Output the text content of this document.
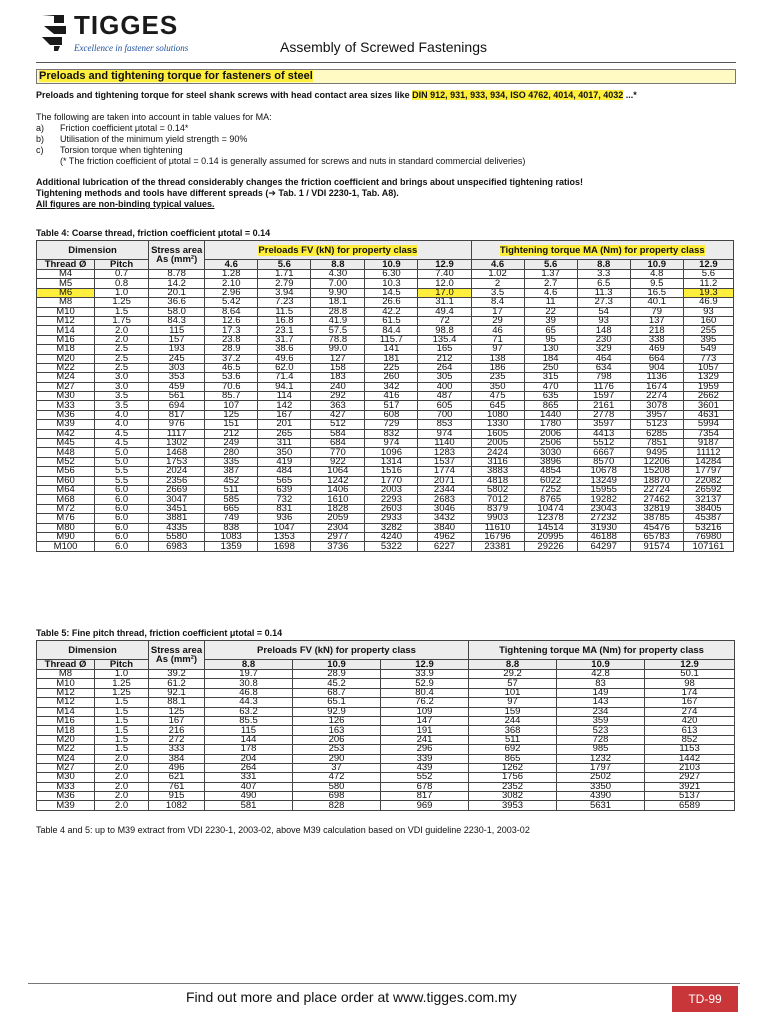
TIGGES
Excellence in fastener solutions	Assembly of Screwed Fastenings
Preloads and tightening torque for fasteners of steel
Preloads and tightening torque for steel shank screws with head contact area sizes like DIN 912, 931, 933, 934, ISO 4762, 4014, 4017, 4032 ...*
The following are taken into account in table values for MA:
a)	Friction coefficient μtotal = 0.14*
b)	Utilisation of the minimum yield strength = 90%
c)	Torsion torque when tightening
(* The friction coefficient of μtotal = 0.14 is generally assumed for screws and nuts in standard commercial deliveries)
Additional lubrication of the thread considerably changes the friction coefficient and brings about unspecified tightening ratios!
Tightening methods and tools have different spreads (➔ Tab. 1 / VDI 2230-1, Tab. A8).
All figures are non-binding typical values.
Table 4: Coarse thread, friction coefficient μtotal = 0.14
Dimension		Stress area As (mm²)	Preloads FV (kN) for property class					Tightening torque MA (Nm) for property class				
Thread Ø	Pitch		4.6	5.6	8.8	10.9	12.9	4.6	5.6	8.8	10.9	12.9
M4	0.7	8.78	1.28	1.71	4.30	6.30	7.40	1.02	1.37	3.3	4.8	5.6
M5	0.8	14.2	2.10	2.79	7.00	10.3	12.0	2	2.7	6.5	9.5	11.2
M6	1.0	20.1	2.96	3.94	9.90	14.5	17.0	3.5	4.6	11.3	16.5	19.3
M8	1.25	36.6	5.42	7.23	18.1	26.6	31.1	8.4	11	27.3	40.1	46.9
M10	1.5	58.0	8.64	11.5	28.8	42.2	49.4	17	22	54	79	93
M12	1.75	84.3	12.6	16.8	41.9	61.5	72	29	39	93	137	160
M14	2.0	115	17.3	23.1	57.5	84.4	98.8	46	65	148	218	255
M16	2.0	157	23.8	31.7	78.8	115.7	135.4	71	95	230	338	395
M18	2.5	193	28.9	38.6	99.0	141	165	97	130	329	469	549
M20	2.5	245	37.2	49.6	127	181	212	138	184	464	664	773
M22	2.5	303	46.5	62.0	158	225	264	186	250	634	904	1057
M24	3.0	353	53.6	71.4	183	260	305	235	315	798	1136	1329
M27	3.0	459	70.6	94.1	240	342	400	350	470	1176	1674	1959
M30	3.5	561	85.7	114	292	416	487	475	635	1597	2274	2662
M33	3.5	694	107	142	363	517	605	645	865	2161	3078	3601
M36	4.0	817	125	167	427	608	700	1080	1440	2778	3957	4631
M39	4.0	976	151	201	512	729	853	1330	1780	3597	5123	5994
M42	4.5	1117	212	265	584	832	974	1605	2006	4413	6285	7354
M45	4.5	1302	249	311	684	974	1140	2005	2506	5512	7851	9187
M48	5.0	1468	280	350	770	1096	1283	2424	3030	6667	9495	11112
M52	5.0	1753	335	419	922	1314	1537	3116	3896	8570	12206	14284
M56	5.5	2024	387	484	1064	1516	1774	3883	4854	10678	15208	17797
M60	5.5	2356	452	565	1242	1770	2071	4818	6022	13249	18870	22082
M64	6.0	2669	511	639	1406	2003	2344	5802	7252	15955	22724	26592
M68	6.0	3047	585	732	1610	2293	2683	7012	8765	19282	27462	32137
M72	6.0	3451	665	831	1828	2603	3046	8379	10474	23043	32819	38405
M76	6.0	3881	749	936	2059	2933	3432	9903	12378	27232	38785	45387
M80	6.0	4335	838	1047	2304	3282	3840	11610	14514	31930	45476	53216
M90	6.0	5580	1083	1353	2977	4240	4962	16796	20995	46188	65783	76980
M100	6.0	6983	1359	1698	3736	5322	6227	23381	29226	64297	91574	107161
Table 5: Fine pitch thread, friction coefficient μtotal = 0.14
Dimension		Stress area As (mm²)	Preloads FV (kN) for property class			Tightening torque MA (Nm) for property class		
Thread Ø	Pitch		8.8	10.9	12.9	8.8	10.9	12.9
M8	1.0	39.2	19.7	28.9	33.9	29.2	42.8	50.1
M10	1.25	61.2	30.8	45.2	52.9	57	83	98
M12	1.25	92.1	46.8	68.7	80.4	101	149	174
M12	1.5	88.1	44.3	65.1	76.2	97	143	167
M14	1.5	125	63.2	92.9	109	159	234	274
M16	1.5	167	85.5	126	147	244	359	420
M18	1.5	216	115	163	191	368	523	613
M20	1.5	272	144	206	241	511	728	852
M22	1.5	333	178	253	296	692	985	1153
M24	2.0	384	204	290	339	865	1232	1442
M27	2.0	496	264	37	439	1262	1797	2103
M30	2.0	621	331	472	552	1756	2502	2927
M33	2.0	761	407	580	678	2352	3350	3921
M36	2.0	915	490	698	817	3082	4390	5137
M39	2.0	1082	581	828	969	3953	5631	6589
Table 4 and 5: up to M39 extract from VDI 2230-1, 2003-02, above M39 calculation based on VDI guideline 2230-1, 2003-02
Find out more and place order at www.tigges.com.my	TD-99
